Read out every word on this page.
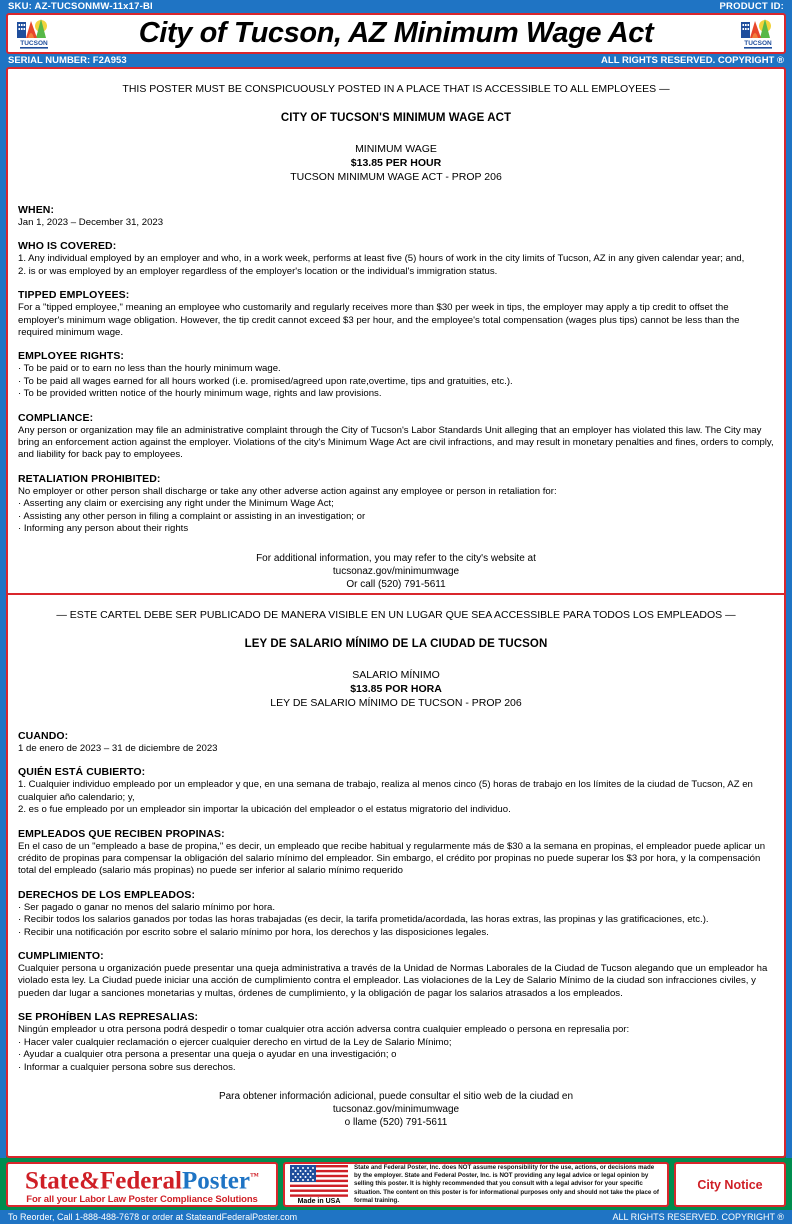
SKU: AZ-TUCSONMW-11x17-BI	PRODUCT ID:
TUCSON	City of Tucson, AZ Minimum Wage Act	TUCSON
SERIAL NUMBER: F2A953	ALL RIGHTS RESERVED. COPYRIGHT ®
THIS POSTER MUST BE CONSPICUOUSLY POSTED IN A PLACE THAT IS ACCESSIBLE TO ALL EMPLOYEES —
CITY OF TUCSON'S MINIMUM WAGE ACT
MINIMUM WAGE
$13.85 PER HOUR
TUCSON MINIMUM WAGE ACT - PROP 206
WHEN:

Jan 1, 2023 – December 31, 2023

WHO IS COVERED:

1. Any individual employed by an employer and who, in a work week, performs at least five (5) hours of work in the city limits of Tucson, AZ in any given calendar year; and,

2. is or was employed by an employer regardless of the employer's location or the individual's immigration status.

TIPPED EMPLOYEES:

For a "tipped employee," meaning an employee who customarily and regularly receives more than $30 per week in tips, the employer may apply a tip credit to offset the employer's minimum wage obligation. However, the tip credit cannot exceed $3 per hour, and the employee's total compensation (wages plus tips) cannot be less than the required minimum wage.

EMPLOYEE RIGHTS:

· To be paid or to earn no less than the hourly minimum wage.

· To be paid all wages earned for all hours worked (i.e. promised/agreed upon rate,overtime, tips and gratuities, etc.).

· To be provided written notice of the hourly minimum wage, rights and law provisions.

COMPLIANCE:

Any person or organization may file an administrative complaint through the City of Tucson's Labor Standards Unit alleging that an employer has violated this law. The City may bring an enforcement action against the employer. Violations of the city's Minimum Wage Act are civil infractions, and may result in monetary penalties and fines, orders to comply, and liability for back pay to employees.

RETALIATION PROHIBITED:

No employer or other person shall discharge or take any other adverse action against any employee or person in retaliation for:

· Asserting any claim or exercising any right under the Minimum Wage Act;

· Assisting any other person in filing a complaint or assisting in an investigation; or

· Informing any person about their rights

For additional information, you may refer to the city's website at
tucsonaz.gov/minimumwage
Or call (520) 791-5611
— ESTE CARTEL DEBE SER PUBLICADO DE MANERA VISIBLE EN UN LUGAR QUE SEA ACCESSIBLE PARA TODOS LOS EMPLEADOS —
LEY DE SALARIO MÍNIMO DE LA CIUDAD DE TUCSON
SALARIO MÍNIMO
$13.85 POR HORA
LEY DE SALARIO MÍNIMO DE TUCSON - PROP 206
CUANDO:

1 de enero de 2023 – 31 de diciembre de 2023

QUIÉN ESTÁ CUBIERTO:

1. Cualquier individuo empleado por un empleador y que, en una semana de trabajo, realiza al menos cinco (5) horas de trabajo en los límites de la ciudad de Tucson, AZ en cualquier año calendario; y,

2. es o fue empleado por un empleador sin importar la ubicación del empleador o el estatus migratorio del individuo.

EMPLEADOS QUE RECIBEN PROPINAS:

En el caso de un "empleado a base de propina," es decir, un empleado que recibe habitual y regularmente más de $30 a la semana en propinas, el empleador puede aplicar un crédito de propinas para compensar la obligación del salario mínimo del empleador. Sin embargo, el crédito por propinas no puede superar los $3 por hora, y la compensación total del empleado (salario más propinas) no puede ser inferior al salario mínimo requerido

DERECHOS DE LOS EMPLEADOS:

· Ser pagado o ganar no menos del salario mínimo por hora.

· Recibir todos los salarios ganados por todas las horas trabajadas (es decir, la tarifa prometida/acordada, las horas extras, las propinas y las gratificaciones, etc.).

· Recibir una notificación por escrito sobre el salario mínimo por hora, los derechos y las disposiciones legales.

CUMPLIMIENTO:

Cualquier persona u organización puede presentar una queja administrativa a través de la Unidad de Normas Laborales de la Ciudad de Tucson alegando que un empleador ha violado esta ley. La Ciudad puede iniciar una acción de cumplimiento contra el empleador. Las violaciones de la Ley de Salario Mínimo de la ciudad son infracciones civiles, y pueden dar lugar a sanciones monetarias y multas, órdenes de cumplimiento, y la obligación de pagar los salarios atrasados a los empleados.

SE PROHÍBEN LAS REPRESALIAS:

Ningún empleador u otra persona podrá despedir o tomar cualquier otra acción adversa contra cualquier empleado o persona en represalia por:

· Hacer valer cualquier reclamación o ejercer cualquier derecho en virtud de la Ley de Salario Mínimo;

· Ayudar a cualquier otra persona a presentar una queja o ayudar en una investigación; o

· Informar a cualquier persona sobre sus derechos.

Para obtener información adicional, puede consultar el sitio web de la ciudad en
tucsonaz.gov/minimumwage
o llame (520) 791-5611
State&FederalPoster™
For all your Labor Law Poster Compliance Solutions	Made in USA
State and Federal Poster, Inc. does NOT assume responsibility for the use, actions, or decisions made by the employer. State and Federal Poster, Inc. is NOT providing any legal advice or legal opinion by selling this poster. It is highly recommended that you consult with a legal advisor for your specific situation. The content on this poster is for informational purposes only and should not take the place of formal training.
City Notice
To Reorder, Call 1-888-488-7678 or order at StateandFederalPoster.com	ALL RIGHTS RESERVED. COPYRIGHT ®
